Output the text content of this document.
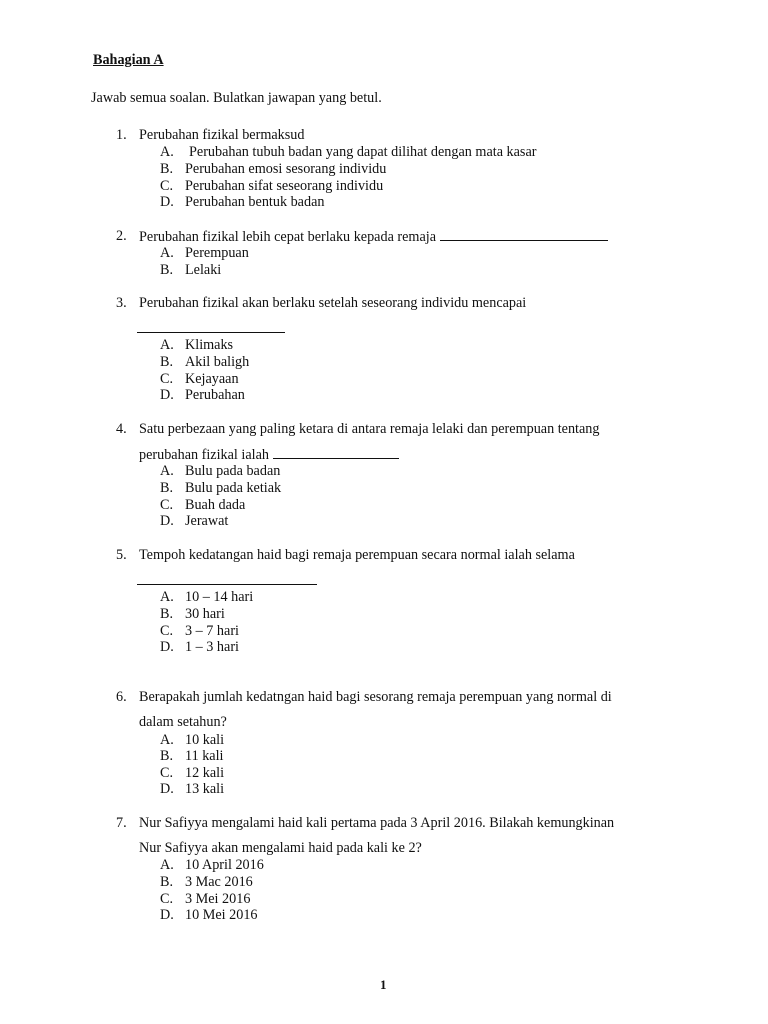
Bahagian A
Jawab semua soalan. Bulatkan jawapan yang betul.
1. Perubahan fizikal bermaksud
A. Perubahan tubuh badan yang dapat dilihat dengan mata kasar
B. Perubahan emosi sesorang individu
C. Perubahan sifat seseorang individu
D. Perubahan bentuk badan
2. Perubahan fizikal lebih cepat berlaku kepada remaja
A. Perempuan
B. Lelaki
3. Perubahan fizikal akan berlaku setelah seseorang individu mencapai
A. Klimaks
B. Akil baligh
C. Kejayaan
D. Perubahan
4. Satu perbezaan yang paling ketara di antara remaja lelaki dan perempuan tentang
perubahan fizikal ialah
A. Bulu pada badan
B. Bulu pada ketiak
C. Buah dada
D. Jerawat
5. Tempoh kedatangan haid bagi remaja perempuan secara normal ialah selama
A. 10 – 14 hari
B. 30 hari
C. 3 – 7 hari
D. 1 – 3 hari
6. Berapakah jumlah kedatngan haid bagi sesorang remaja perempuan yang normal di
dalam setahun?
A. 10 kali
B. 11 kali
C. 12 kali
D. 13 kali
7. Nur Safiyya mengalami haid kali pertama pada 3 April 2016. Bilakah kemungkinan
Nur Safiyya akan mengalami haid pada kali ke 2?
A. 10 April 2016
B. 3 Mac 2016
C. 3 Mei 2016
D. 10 Mei 2016
1
